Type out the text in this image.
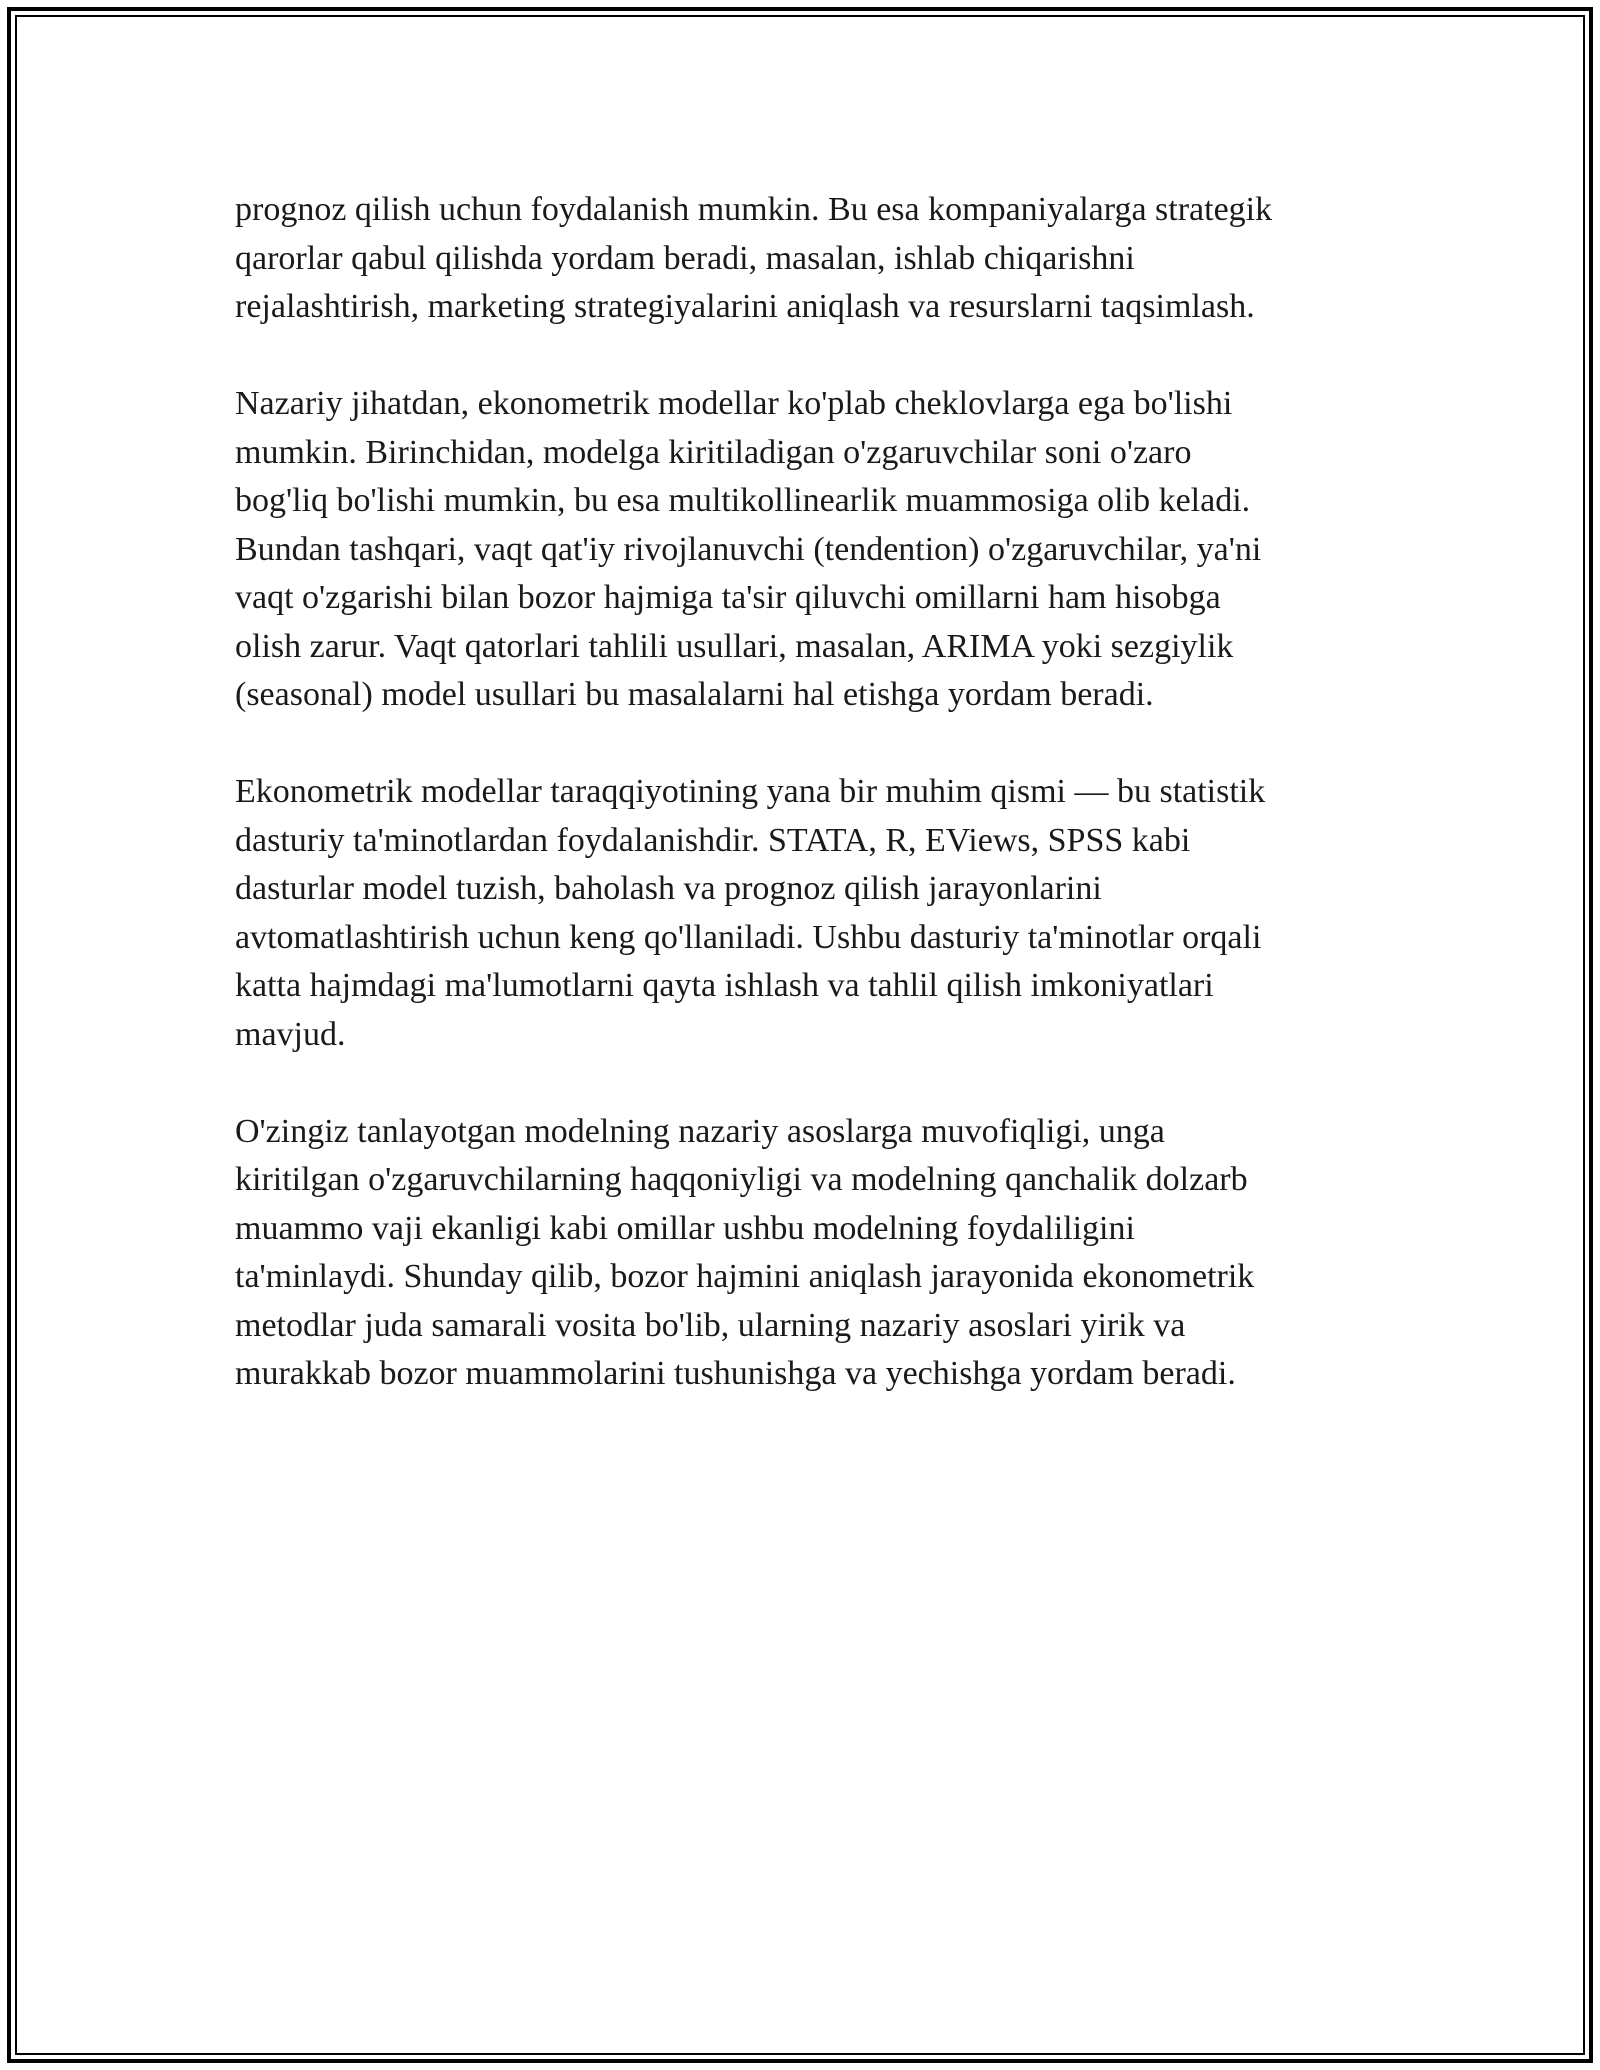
prognoz qilish uchun foydalanish mumkin. Bu esa kompaniyalarga strategik
qarorlar qabul qilishda yordam beradi, masalan, ishlab chiqarishni
rejalashtirish, marketing strategiyalarini aniqlash va resurslarni taqsimlash.

Nazariy jihatdan, ekonometrik modellar ko'plab cheklovlarga ega bo'lishi
mumkin. Birinchidan, modelga kiritiladigan o'zgaruvchilar soni o'zaro
bog'liq bo'lishi mumkin, bu esa multikollinearlik muammosiga olib keladi.
Bundan tashqari, vaqt qat'iy rivojlanuvchi (tendention) o'zgaruvchilar, ya'ni
vaqt o'zgarishi bilan bozor hajmiga ta'sir qiluvchi omillarni ham hisobga
olish zarur. Vaqt qatorlari tahlili usullari, masalan, ARIMA yoki sezgiylik
(seasonal) model usullari bu masalalarni hal etishga yordam beradi.

Ekonometrik modellar taraqqiyotining yana bir muhim qismi — bu statistik
dasturiy ta'minotlardan foydalanishdir. STATA, R, EViews, SPSS kabi
dasturlar model tuzish, baholash va prognoz qilish jarayonlarini
avtomatlashtirish uchun keng qo'llaniladi. Ushbu dasturiy ta'minotlar orqali
katta hajmdagi ma'lumotlarni qayta ishlash va tahlil qilish imkoniyatlari
mavjud.

O'zingiz tanlayotgan modelning nazariy asoslarga muvofiqligi, unga
kiritilgan o'zgaruvchilarning haqqoniyligi va modelning qanchalik dolzarb
muammo vaji ekanligi kabi omillar ushbu modelning foydaliligini
ta'minlaydi. Shunday qilib, bozor hajmini aniqlash jarayonida ekonometrik
metodlar juda samarali vosita bo'lib, ularning nazariy asoslari yirik va
murakkab bozor muammolarini tushunishga va yechishga yordam beradi.
